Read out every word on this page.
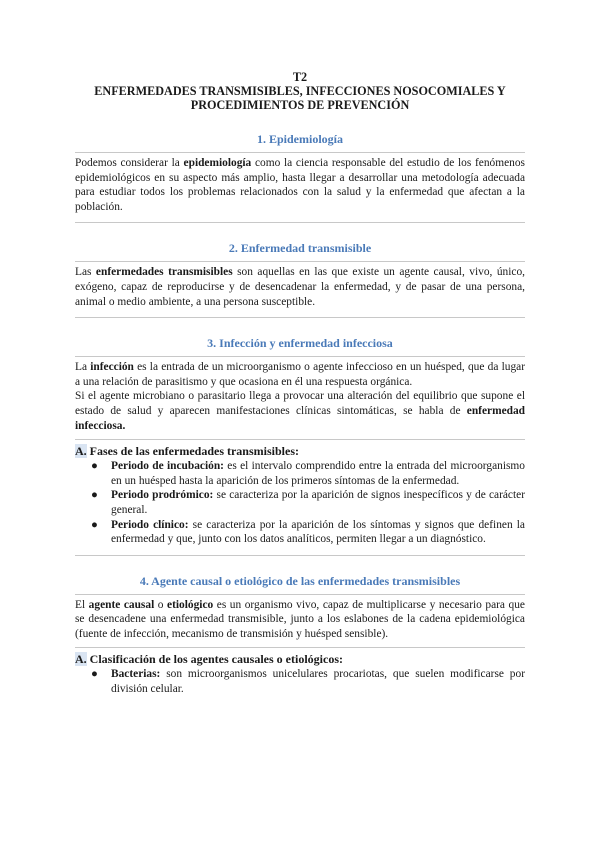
T2
ENFERMEDADES TRANSMISIBLES, INFECCIONES NOSOCOMIALES Y
PROCEDIMIENTOS DE PREVENCIÓN
1. Epidemiología

Podemos considerar la epidemiología como la ciencia responsable del estudio de los fenómenos epidemiológicos en su aspecto más amplio, hasta llegar a desarrollar una metodología adecuada para estudiar todos los problemas relacionados con la salud y la enfermedad que afectan a la población.

2. Enfermedad transmisible

Las enfermedades transmisibles son aquellas en las que existe un agente causal, vivo, único, exógeno, capaz de reproducirse y de desencadenar la enfermedad, y de pasar de una persona, animal o medio ambiente, a una persona susceptible.

3. Infección y enfermedad infecciosa

La infección es la entrada de un microorganismo o agente infeccioso en un huésped, que da lugar a una relación de parasitismo y que ocasiona en él una respuesta orgánica.

Si el agente microbiano o parasitario llega a provocar una alteración del equilibrio que supone el estado de salud y aparecen manifestaciones clínicas sintomáticas, se habla de enfermedad infecciosa.

A. Fases de las enfermedades transmisibles:
● Periodo de incubación: es el intervalo comprendido entre la entrada del microorganismo en un huésped hasta la aparición de los primeros síntomas de la enfermedad.
● Periodo prodrómico: se caracteriza por la aparición de signos inespecíficos y de carácter general.
● Periodo clínico: se caracteriza por la aparición de los síntomas y signos que definen la enfermedad y que, junto con los datos analíticos, permiten llegar a un diagnóstico.
4. Agente causal o etiológico de las enfermedades transmisibles

El agente causal o etiológico es un organismo vivo, capaz de multiplicarse y necesario para que se desencadene una enfermedad transmisible, junto a los eslabones de la cadena epidemiológica (fuente de infección, mecanismo de transmisión y huésped sensible).

A. Clasificación de los agentes causales o etiológicos:
● Bacterias: son microorganismos unicelulares procariotas, que suelen modificarse por división celular.
